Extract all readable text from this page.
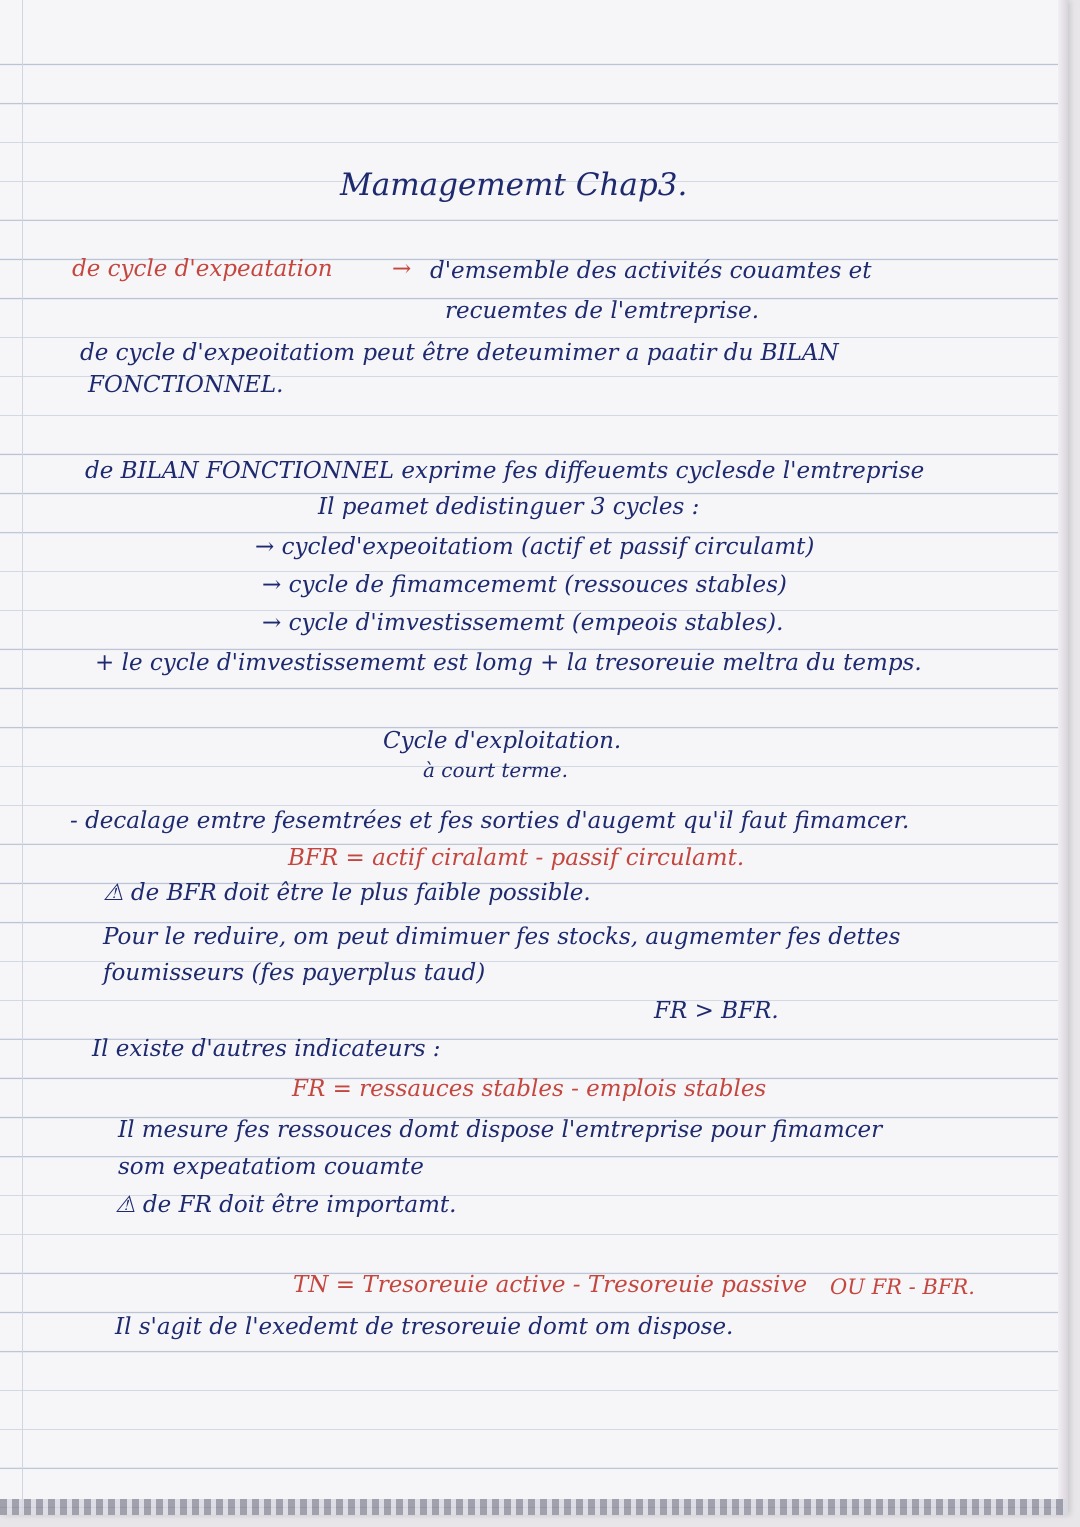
Mamagememt Chap3.

de cycle d'expeatation	→ d'emsemble des activités couamtes et

recuemtes de l'emtreprise.

de cycle d'expeoitatiom peut être deteumimer a paatir du BILAN

FONCTIONNEL.

de BILAN FONCTIONNEL exprime fes diffeuemts cyclesde l'emtreprise

Il peamet dedistinguer 3 cycles :

→ cycled'expeoitatiom (actif et passif circulamt)

→ cycle de fimamcememt (ressouces stables)

→ cycle d'imvestissememt (empeois stables).

+ le cycle d'imvestissememt est lomg + la tresoreuie meltra du temps.

Cycle d'exploitation.

à court terme.

- decalage emtre fesemtrées et fes sorties d'augemt qu'il faut fimamcer.

BFR = actif ciralamt - passif circulamt.

⚠ de BFR doit être le plus faible possible.

Pour le reduire, om peut dimimuer fes stocks, augmemter fes dettes

foumisseurs (fes payerplus taud)

FR > BFR.

Il existe d'autres indicateurs :

FR = ressauces stables - emplois stables

Il mesure fes ressouces domt dispose l'emtreprise pour fimamcer

som expeatatiom couamte

⚠ de FR doit être importamt.

TN = Tresoreuie active - Tresoreuie passive OU FR - BFR.

Il s'agit de l'exedemt de tresoreuie domt om dispose.
